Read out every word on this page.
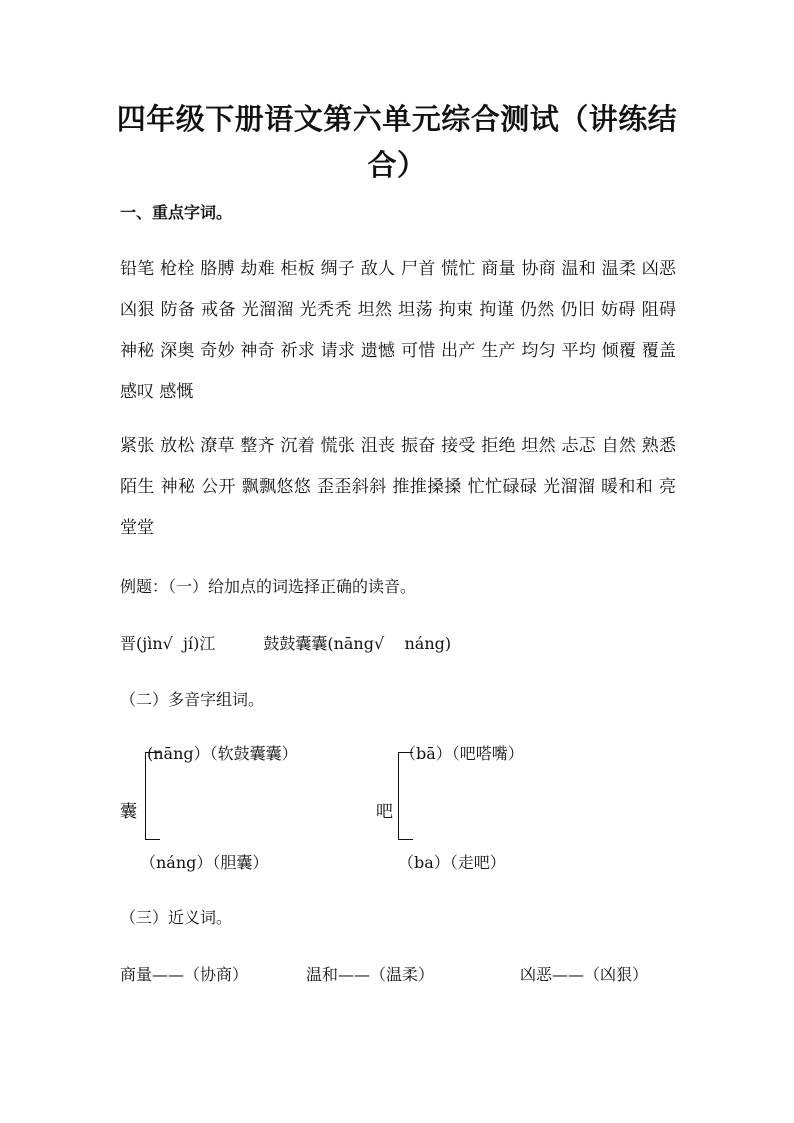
四年级下册语文第六单元综合测试（讲练结合）
一、重点字词。
铅笔 枪栓 胳膊 劫难 柜板 绸子 敌人 尸首 慌忙 商量 协商 温和 温柔 凶恶 凶狠 防备 戒备 光溜溜 光秃秃 坦然 坦荡 拘束 拘谨 仍然 仍旧 妨碍 阻碍 神秘 深奥 奇妙 神奇 祈求 请求 遗憾 可惜 出产 生产 均匀 平均 倾覆 覆盖 感叹 感慨
紧张 放松 潦草 整齐 沉着 慌张 沮丧 振奋 接受 拒绝 坦然 忐忑 自然 熟悉 陌生 神秘 公开 飘飘悠悠 歪歪斜斜 推推搡搡 忙忙碌碌 光溜溜 暖和和 亮堂堂
例题：（一）给加点的词选择正确的读音。
晋(jìn√  jí)江	鼓鼓囊囊(nāng√    náng)
（二）多音字组词。
(nāng）（软鼓囊囊）
囊
（náng）（胆囊）
（bā）（吧嗒嘴）
吧
（ba）（走吧）
（三）近义词。
商量——（协商）	温和——（温柔）	凶恶——（凶狠）
